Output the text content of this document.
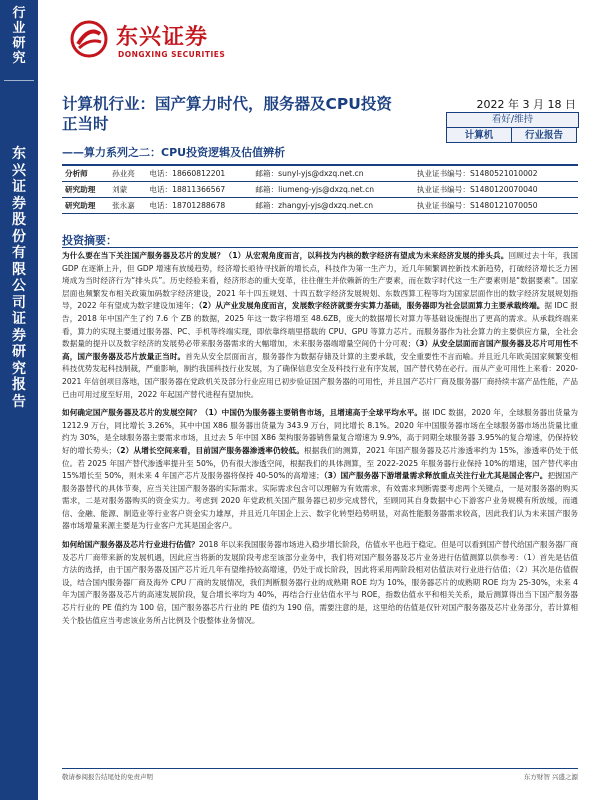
行业研究
东兴证券股份有限公司证券研究报告
东兴证券
DONGXING SECURITIES
计算机行业：国产算力时代，服务器及CPU投资正当时
——算力系列之二：CPU投资逻辑及估值辨析
2022 年 3 月 18 日
看好/维持
计算机	行业报告
分析师	孙业亮	电话：18660812201	邮箱：sunyl-yjs@dxzq.net.cn	执业证书编号：S1480521010002
研究助理	刘蒙	电话：18811366567	邮箱：liumeng-yjs@dxzq.net.cn	执业证书编号：S1480120070040
研究助理	张永嘉	电话：18701288678	邮箱：zhangyj-yjs@dxzq.net.cn	执业证书编号：S1480121070050
投资摘要：

为什么要在当下关注国产服务器及芯片的发展？（1）从宏观角度而言，以科技为内核的数字经济有望成为未来经济发展的排头兵。回顾过去十年，我国 GDP 在逐渐上升，但 GDP 增速有放缓趋势，经济增长亟待寻找新的增长点，科技作为第一生产力，近几年频繁调控新技术新趋势，打破经济增长乏力困境成为当时经济行为“排头兵”。历史经验来看，经济形态的重大变革，往往催生并依赖新的生产要素，而在数字时代这一生产要素则是“数据要素”。国家层面也频繁发布相关政策加码数字经济建设，2021 年十四五规划、十四五数字经济发展规划、东数西算工程等均为国家层面作出的数字经济发展规划指导，2022 年有望成为数字建设加速年；（2）从产业发展角度而言，发展数字经济就要夯实算力基础，服务器即为社会层面算力主要承载终端。据 IDC 报告，2018 年中国产生了约 7.6 个 ZB 的数据，2025 年这一数字将增至 48.6ZB，庞大的数据增长对算力等基础设施提出了更高的需求。从承载终端来看，算力的实现主要通过服务器、PC、手机等终端实现，即依靠终端里搭载的 CPU、GPU 等算力芯片。而服务器作为社会算力的主要供应方量，全社会数据量的提升以及数字经济的发展势必带来服务器需求的大幅增加，未来服务器端增量空间仍十分可观；（3）从安全层面而言国产服务器及芯片可用性不高，国产服务器及芯片放量正当时。首先从安全层面而言，服务器作为数据存储及计算的主要承载，安全重要性不言而喻。并且近几年欧美国家频繁变相科技优势发起科技制裁，严重影响，制约我国科技行业发展，为了确保信息安全及科技行业有序发展，国产替代势在必行。而从产业可用性上来看：2020-2021 年信创项目落地，国产服务器在党政机关及部分行业应用已初步验证国产服务器的可用性，并且国产芯片厂商及服务器厂商持续丰富产品性能，产品已由可用过度至好用，2022 年起国产替代进程有望加快。

如何确定国产服务器及芯片的发展空间？（1）中国仍为服务器主要销售市场，且增速高于全球平均水平。据 IDC 数据，2020 年，全球服务器出货量为 1212.9 万台，同比增长 3.26%，其中中国 X86 服务器出货量为 343.9 万台，同比增长 8.1%。2020 年中国服务器市场在全球服务器市场出货量比重约为 30%，是全球服务器主要需求市场，且过去 5 年中国 X86 架构服务器销售量复合增速为 9.9%，高于同期全球服务器 3.95%的复合增速，仍保持较好的增长势头；（2）从增长空间来看，目前国产服务器渗透率仍较低。根据我们的测算，2021 年国产服务器及芯片渗透率约为 15%，渗透率仍处于低位。若 2025 年国产替代渗透率提升至 50%，仍有很大渗透空间，根据我们的具体测算，至 2022-2025 年服务器行业保持 10%的增速，国产替代率由 15%增长至 50%，则未来 4 年国产芯片及服务器将保持 40-50%的高增速；（3）国产服务器下游增量需求释放重点关注行业尤其是国企客户。把握国产服务器替代的具体节奏，应当关注国产服务器的实际需求。实际需求包含可以理解为有效需求，有效需求判断需要考虑两个关键点，一是对服务器的购买需求，二是对服务器购买的资金实力。考虑到 2020 年党政机关国产服务器已初步完成替代，至顾同其自身数据中心下游客户业务规模有所放缓，而通信、金融、能源、制造业等行业客户资金实力雄厚，并且近几年国企上云、数字化转型趋势明显，对高性能服务器需求较高，因此我们认为未来国产服务器市场增量来源主要是为行业客户尤其是国企客户。

如何给国产服务器及芯片行业进行估值？2018 年以来我国服务器市场进入稳步增长阶段，估值水平也趋于稳定。但是可以看到国产替代给国产服务器厂商及芯片厂商带来新的发展机遇，因此应当将新的发展阶段考虑至该部分业务中，我们将对国产服务器及芯片业务进行估值测算以供参考：（1）首先是估值方法的选择，由于国产服务器及国产芯片近几年有望维持较高增速，仍处于成长阶段，因此将采用两阶段相对估值法对行业进行估值；（2）其次是估值假设，结合国内服务器厂商及海外 CPU 厂商的发展情况，我们判断服务器行业的成熟期 ROE 均为 10%，服务器芯片的成熟期 ROE 均为 25-30%，未来 4 年为国产服务器及芯片的高速发展阶段，复合增长率均为 40%，再结合行业估值水平与 ROE，指数估值水平和相关关系，最后测算得出当下国产服务器芯片行业的 PE 值约为 100 倍，国产服务器芯片行业的 PE 值约为 190 倍，需要注意的是，这里给的估值是仅针对国产服务器及芯片业务部分，若计算相关个股估值应当考虑该业务所占比例及个股整体业务情况。

敬请参阅报告结尾处的免责声明	东方财智 兴盛之源
